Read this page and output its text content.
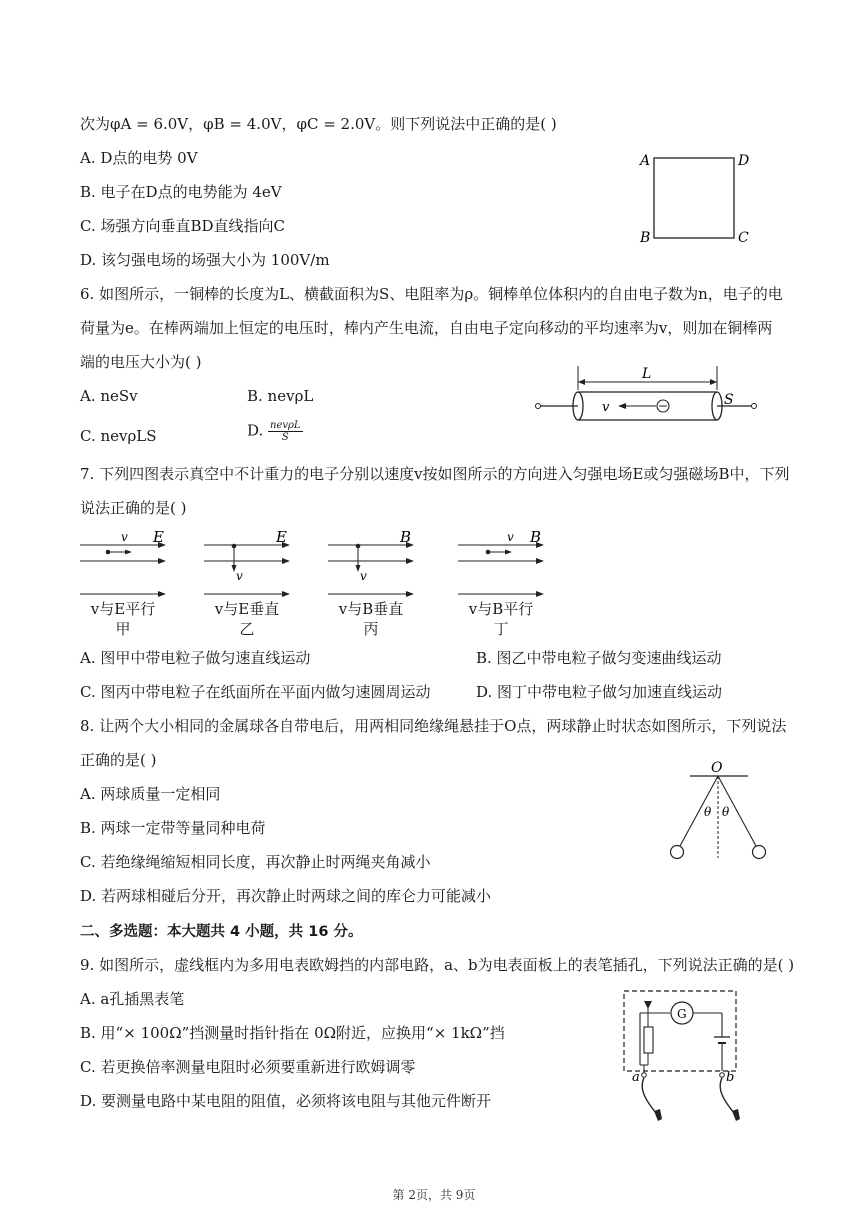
次为φA = 6.0V，φB = 4.0V，φC = 2.0V。则下列说法中正确的是( )
A. D点的电势 0V
B. 电子在D点的电势能为 4eV
C. 场强方向垂直BD直线指向C
D. 该匀强电场的场强大小为 100V/m
A	D
B	C
6. 如图所示，一铜棒的长度为L、横截面积为S、电阻率为ρ。铜棒单位体积内的自由电子数为n，电子的电
荷量为e。在棒两端加上恒定的电压时，棒内产生电流，自由电子定向移动的平均速率为v，则加在铜棒两
端的电压大小为( )
A. neSv	B. nevρL
C. nevρLS	D. $\frac{\text{nevρL}}{S}$
L
v	S
7. 下列四图表示真空中不计重力的电子分别以速度v按如图所示的方向进入匀强电场E或匀强磁场B中，下列
说法正确的是( )
v E
v
E
v
B	v B
v与E平行
甲
v与E垂直
乙
v与B垂直
丙
v与B平行
丁
A. 图甲中带电粒子做匀速直线运动	B. 图乙中带电粒子做匀变速曲线运动
C. 图丙中带电粒子在纸面所在平面内做匀速圆周运动	D. 图丁中带电粒子做匀加速直线运动
8. 让两个大小相同的金属球各自带电后，用两相同绝缘绳悬挂于O点，两球静止时状态如图所示，下列说法
正确的是( )
A. 两球质量一定相同
B. 两球一定带等量同种电荷
C. 若绝缘绳缩短相同长度，再次静止时两绳夹角减小
D. 若两球相碰后分开，再次静止时两球之间的库仑力可能减小
O
θ θ
二、多选题：本大题共 4 小题，共 16 分。
9. 如图所示，虚线框内为多用电表欧姆挡的内部电路，a、b为电表面板上的表笔插孔，下列说法正确的是( )
A. a孔插黑表笔
B. 用“× 100Ω”挡测量时指针指在 0Ω附近，应换用“× 1kΩ”挡
C. 若更换倍率测量电阻时必须要重新进行欧姆调零
D. 要测量电路中某电阻的阻值，必须将该电阻与其他元件断开
G
a	b
第 2页，共 9页
